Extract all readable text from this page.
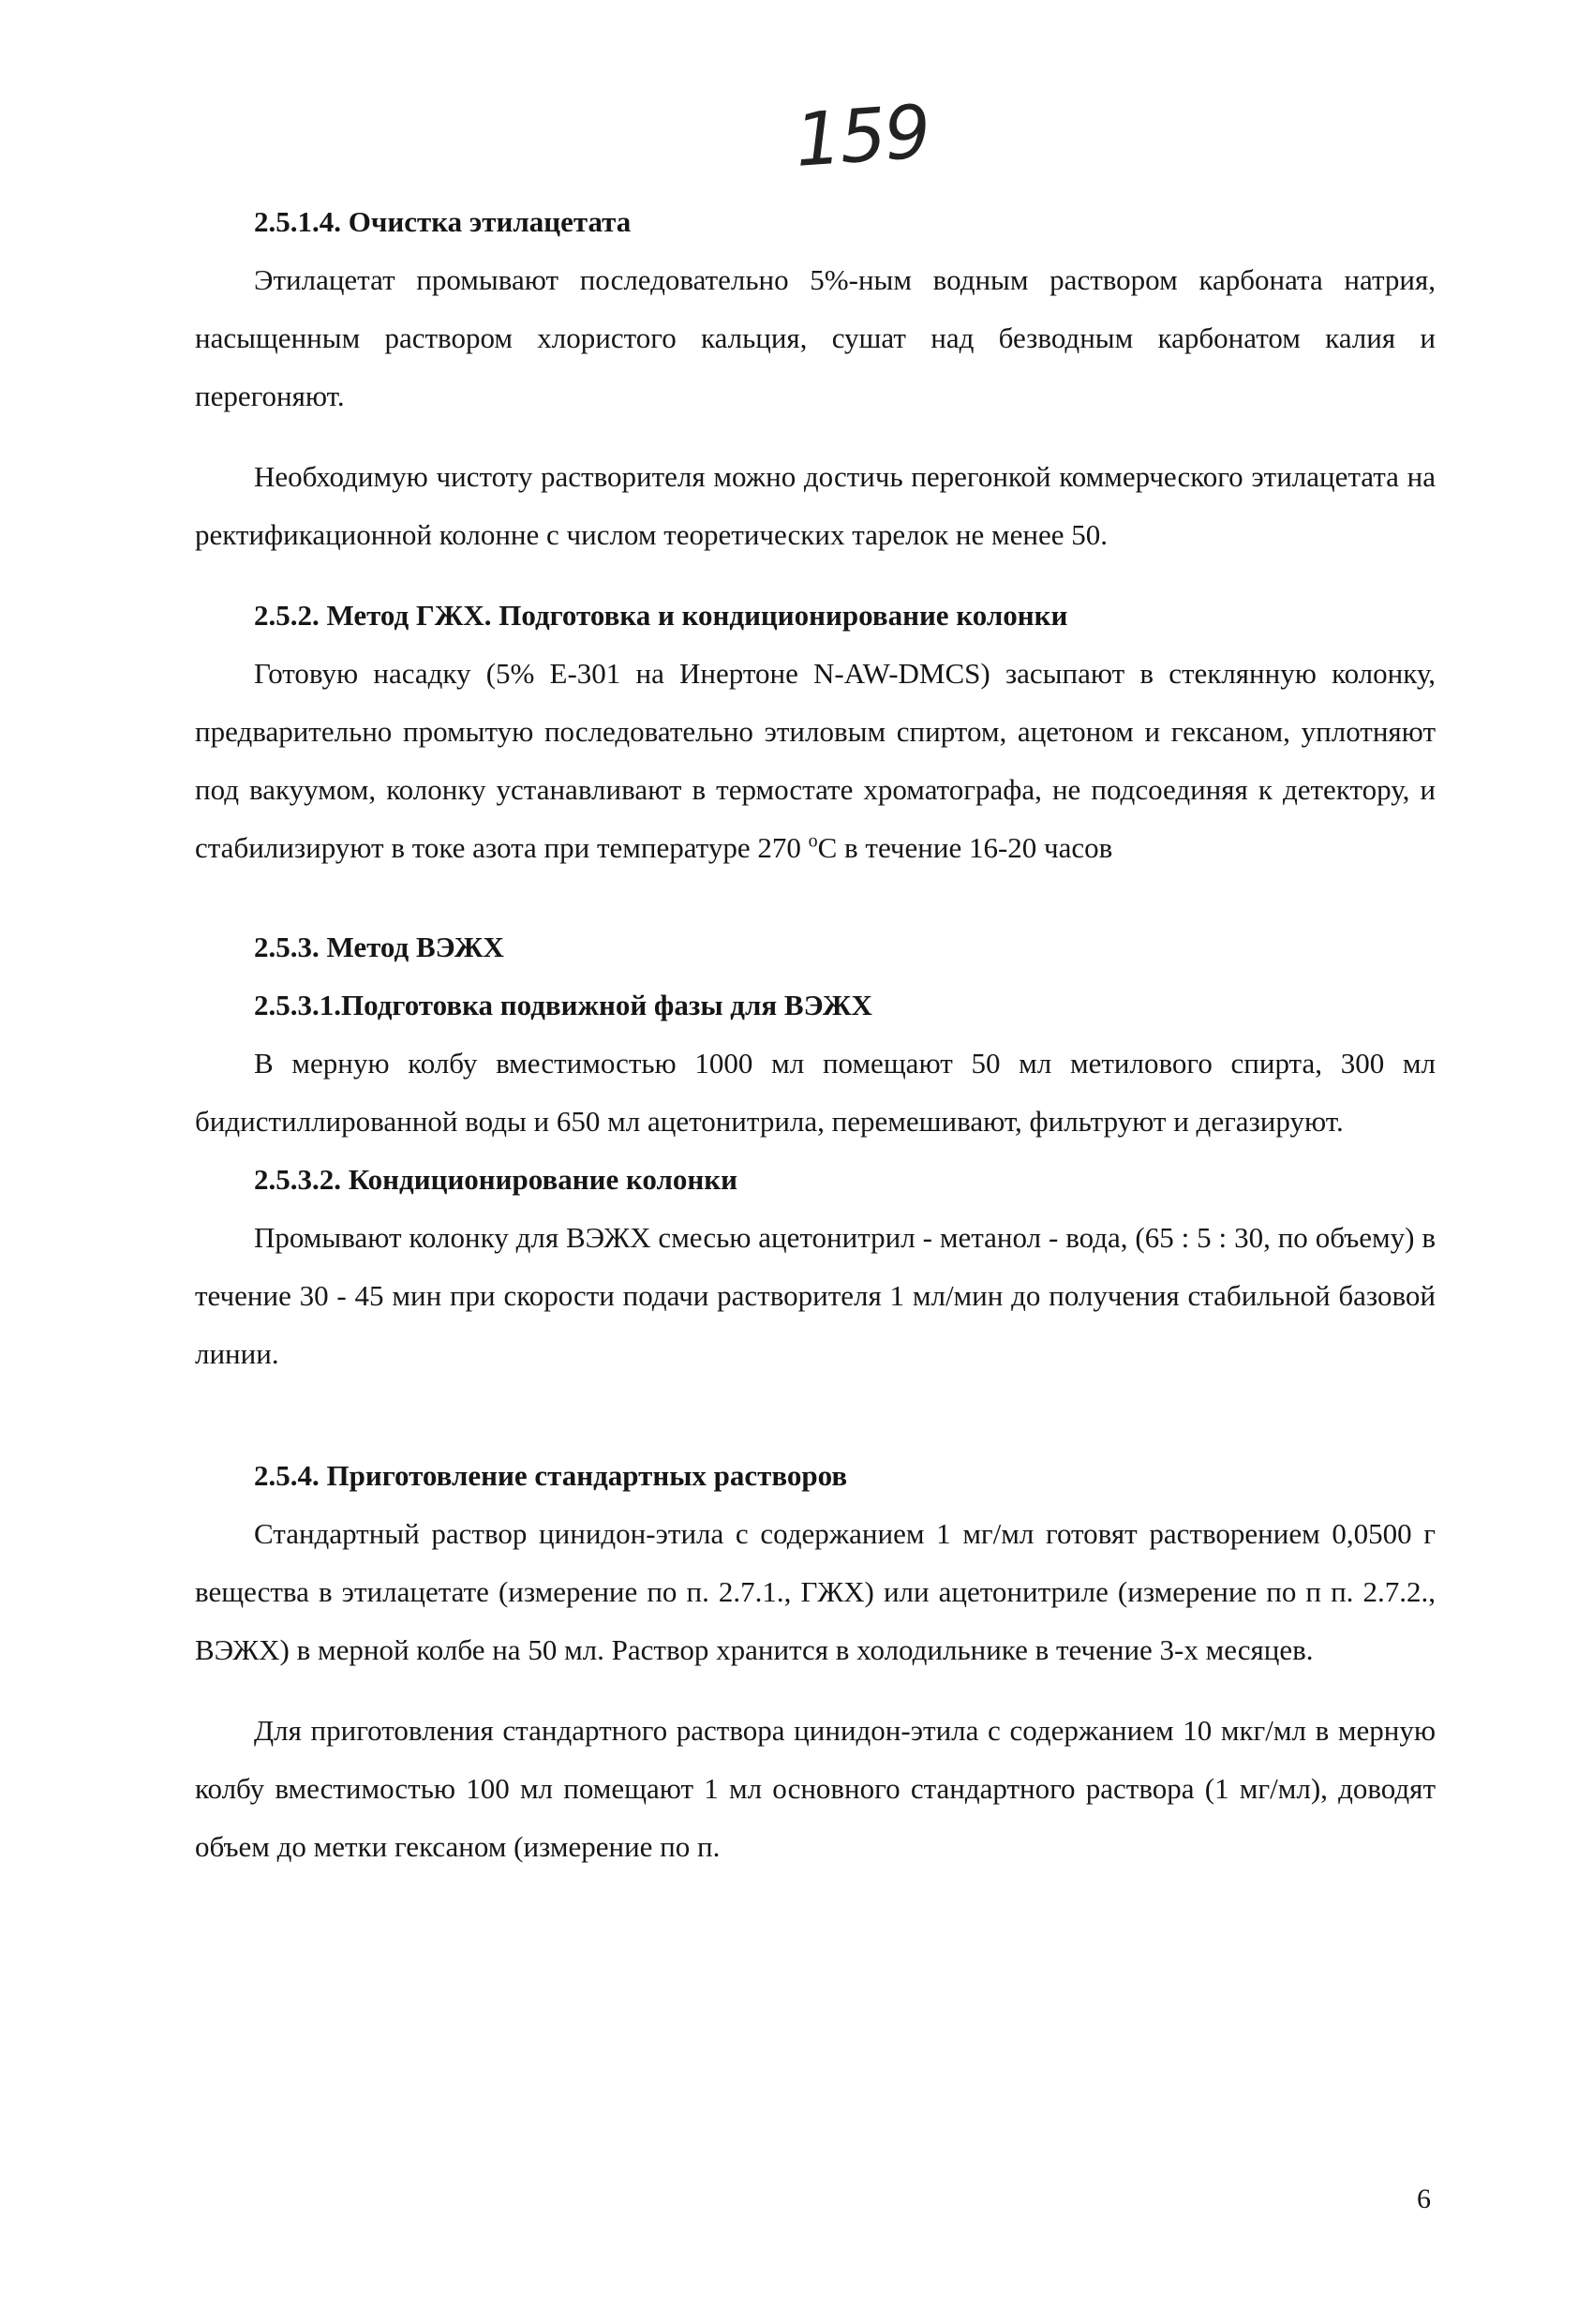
159

2.5.1.4. Очистка этилацетата

Этилацетат промывают последовательно 5%-ным водным раствором карбоната натрия, насыщенным раствором хлористого кальция, сушат над безводным карбонатом калия и перегоняют.

Необходимую чистоту растворителя можно достичь перегонкой коммерческого этилацетата на ректификационной колонне с числом теоретических тарелок не менее 50.

2.5.2. Метод ГЖХ. Подготовка и кондиционирование колонки

Готовую насадку (5% Е-301 на Инертоне N-AW-DMCS) засыпают в стеклянную колонку, предварительно промытую последовательно этиловым спиртом, ацетоном и гексаном, уплотняют под вакуумом, колонку устанавливают в термостате хроматографа, не подсоединяя к детектору, и стабилизируют в токе азота при температуре 270 $^о$С в течение 16-20 часов

2.5.3. Метод ВЭЖХ

2.5.3.1.Подготовка подвижной фазы для ВЭЖХ

В мерную колбу вместимостью 1000 мл помещают 50 мл метилового спирта, 300 мл бидистиллированной воды и 650 мл ацетонитрила, перемешивают, фильтруют и дегазируют.

2.5.3.2. Кондиционирование колонки

Промывают колонку для ВЭЖХ смесью ацетонитрил - метанол - вода, (65 : 5 : 30, по объему) в течение 30 - 45 мин при скорости подачи растворителя 1 мл/мин до получения стабильной базовой линии.

2.5.4. Приготовление стандартных растворов

Стандартный раствор цинидон-этила с содержанием 1 мг/мл готовят растворением 0,0500 г вещества в этилацетате (измерение по п. 2.7.1., ГЖХ) или ацетонитриле (измерение по п п. 2.7.2., ВЭЖХ) в мерной колбе на 50 мл. Раствор хранится в холодильнике в течение 3-х месяцев.

Для приготовления стандартного раствора цинидон-этила с содержанием 10 мкг/мл в мерную колбу вместимостью 100 мл помещают 1 мл основного стандартного раствора (1 мг/мл), доводят объем до метки гексаном (измерение по п.

6
